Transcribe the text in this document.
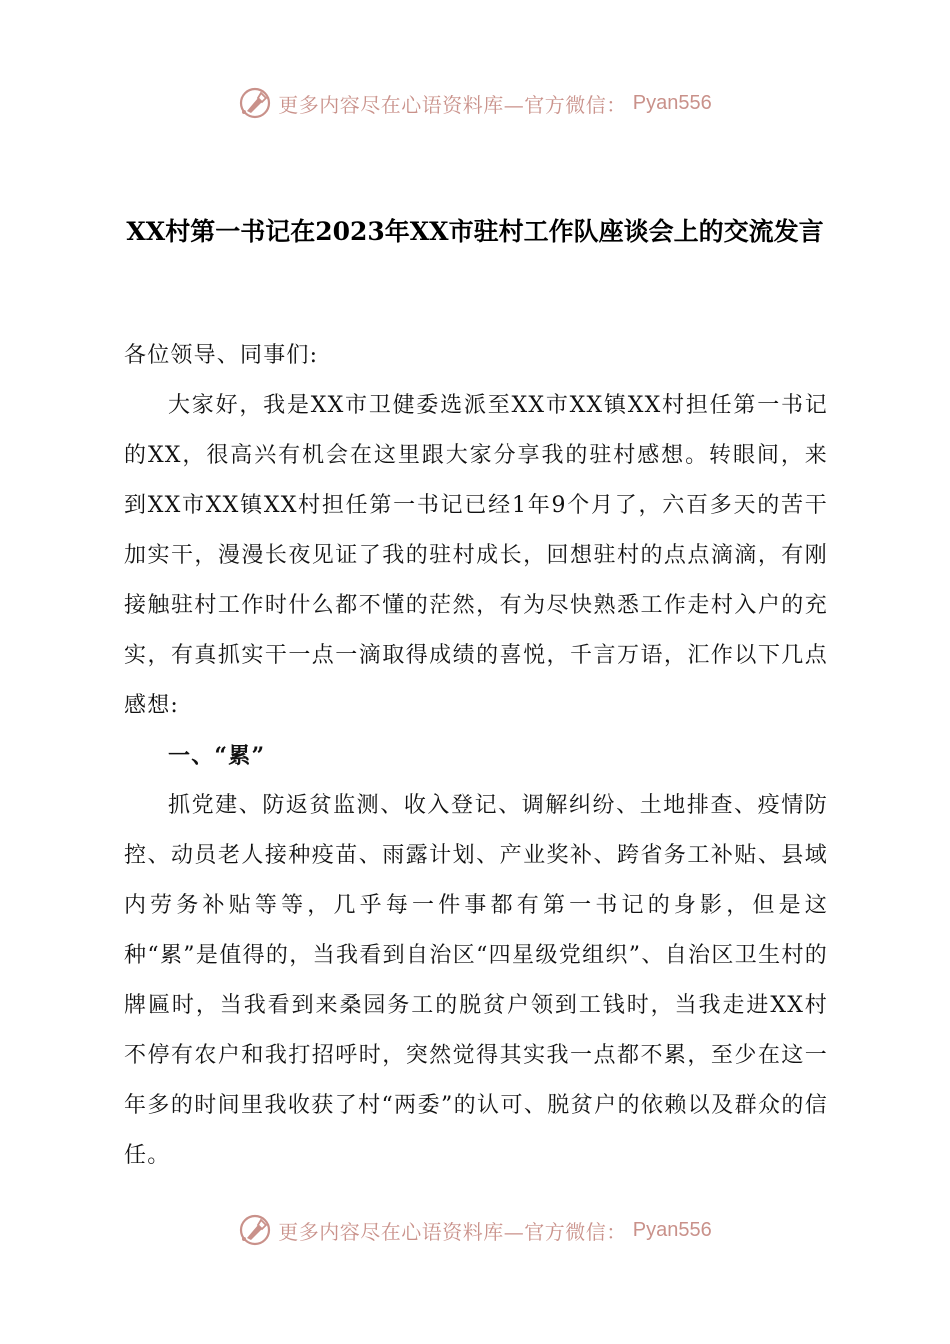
更多内容尽在心语资料库—官方微信： Pyan556
XX村第一书记在2023年XX市驻村工作队座谈会上的交流发言

各位领导、同事们:

大家好，我是XX市卫健委选派至XX市XX镇XX村担任第一书记的XX，很高兴有机会在这里跟大家分享我的驻村感想。转眼间，来到XX市XX镇XX村担任第一书记已经1年9个月了，六百多天的苦干加实干，漫漫长夜见证了我的驻村成长，回想驻村的点点滴滴，有刚接触驻村工作时什么都不懂的茫然，有为尽快熟悉工作走村入户的充实，有真抓实干一点一滴取得成绩的喜悦，千言万语，汇作以下几点感想:

一、“累”

抓党建、防返贫监测、收入登记、调解纠纷、土地排查、疫情防控、动员老人接种疫苗、雨露计划、产业奖补、跨省务工补贴、县域内劳务补贴等等，几乎每一件事都有第一书记的身影，但是这种“累”是值得的，当我看到自治区“四星级党组织”、自治区卫生村的牌匾时，当我看到来桑园务工的脱贫户领到工钱时，当我走进XX村不停有农户和我打招呼时，突然觉得其实我一点都不累，至少在这一年多的时间里我收获了村“两委”的认可、脱贫户的依赖以及群众的信任。

更多内容尽在心语资料库—官方微信： Pyan556
